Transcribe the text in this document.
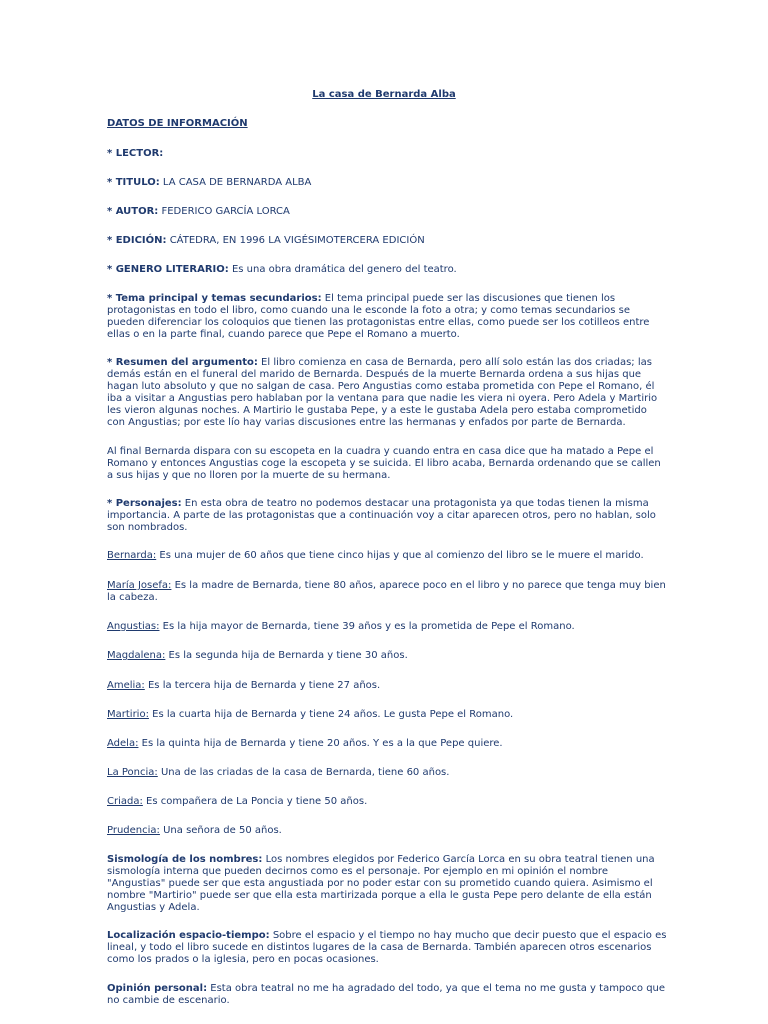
La casa de Bernarda Alba
DATOS DE INFORMACIÓN
* LECTOR:
* TITULO: LA CASA DE BERNARDA ALBA
* AUTOR: FEDERICO GARCÍA LORCA
* EDICIÓN: CÁTEDRA, EN 1996 LA VIGÉSIMOTERCERA EDICIÓN
* GENERO LITERARIO: Es una obra dramática del genero del teatro.
* Tema principal y temas secundarios: El tema principal puede ser las discusiones que tienen los protagonistas en todo el libro, como cuando una le esconde la foto a otra; y como temas secundarios se pueden diferenciar los coloquios que tienen las protagonistas entre ellas, como puede ser los cotilleos entre ellas o en la parte final, cuando parece que Pepe el Romano a muerto.
* Resumen del argumento: El libro comienza en casa de Bernarda, pero allí solo están las dos criadas; las demás están en el funeral del marido de Bernarda. Después de la muerte Bernarda ordena a sus hijas que hagan luto absoluto y que no salgan de casa. Pero Angustias como estaba prometida con Pepe el Romano, él iba a visitar a Angustias pero hablaban por la ventana para que nadie les viera ni oyera. Pero Adela y Martirio les vieron algunas noches. A Martirio le gustaba Pepe, y a este le gustaba Adela pero estaba comprometido con Angustias; por este lío hay varias discusiones entre las hermanas y enfados por parte de Bernarda.
Al final Bernarda dispara con su escopeta en la cuadra y cuando entra en casa dice que ha matado a Pepe el Romano y entonces Angustias coge la escopeta y se suicida. El libro acaba, Bernarda ordenando que se callen a sus hijas y que no lloren por la muerte de su hermana.
* Personajes: En esta obra de teatro no podemos destacar una protagonista ya que todas tienen la misma importancia. A parte de las protagonistas que a continuación voy a citar aparecen otros, pero no hablan, solo son nombrados.
Bernarda: Es una mujer de 60 años que tiene cinco hijas y que al comienzo del libro se le muere el marido.
María Josefa: Es la madre de Bernarda, tiene 80 años, aparece poco en el libro y no parece que tenga muy bien la cabeza.
Angustias: Es la hija mayor de Bernarda, tiene 39 años y es la prometida de Pepe el Romano.
Magdalena: Es la segunda hija de Bernarda y tiene 30 años.
Amelia: Es la tercera hija de Bernarda y tiene 27 años.
Martirio: Es la cuarta hija de Bernarda y tiene 24 años. Le gusta Pepe el Romano.
Adela: Es la quinta hija de Bernarda y tiene 20 años. Y es a la que Pepe quiere.
La Poncia: Una de las criadas de la casa de Bernarda, tiene 60 años.
Criada: Es compañera de La Poncia y tiene 50 años.
Prudencia: Una señora de 50 años.
Sismología de los nombres: Los nombres elegidos por Federico García Lorca en su obra teatral tienen una sismología interna que pueden decirnos como es el personaje. Por ejemplo en mi opinión el nombre "Angustias" puede ser que esta angustiada por no poder estar con su prometido cuando quiera. Asimismo el nombre "Martirio" puede ser que ella esta martirizada porque a ella le gusta Pepe pero delante de ella están Angustias y Adela.
Localización espacio-tiempo: Sobre el espacio y el tiempo no hay mucho que decir puesto que el espacio es lineal, y todo el libro sucede en distintos lugares de la casa de Bernarda. También aparecen otros escenarios como los prados o la iglesia, pero en pocas ocasiones.
Opinión personal: Esta obra teatral no me ha agradado del todo, ya que el tema no me gusta y tampoco que no cambie de escenario.
